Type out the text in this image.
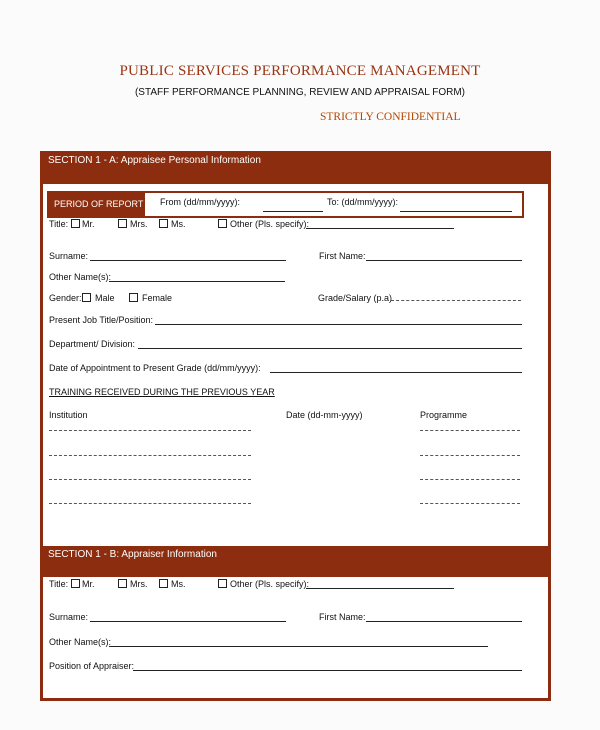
PUBLIC SERVICES PERFORMANCE MANAGEMENT
(STAFF PERFORMANCE PLANNING, REVIEW AND APPRAISAL FORM)
STRICTLY CONFIDENTIAL
SECTION 1 - A: Appraisee Personal Information
PERIOD OF REPORT From (dd/mm/yyyy):	To: (dd/mm/yyyy):
Title: Mr.	Mrs.	Ms.	Other (Pls. specify):
Surname:	First Name:
Other Name(s):
Gender: Male	Female	Grade/Salary (p.a)
Present Job Title/Position:
Department/ Division:
Date of Appointment to Present Grade (dd/mm/yyyy):
TRAINING RECEIVED DURING THE PREVIOUS YEAR
Institution	Date (dd-mm-yyyy)	Programme
SECTION 1 - B: Appraiser Information
Title: Mr.	Mrs.	Ms.	Other (Pls. specify):
Surname:	First Name:
Other Name(s):
Position of Appraiser:
